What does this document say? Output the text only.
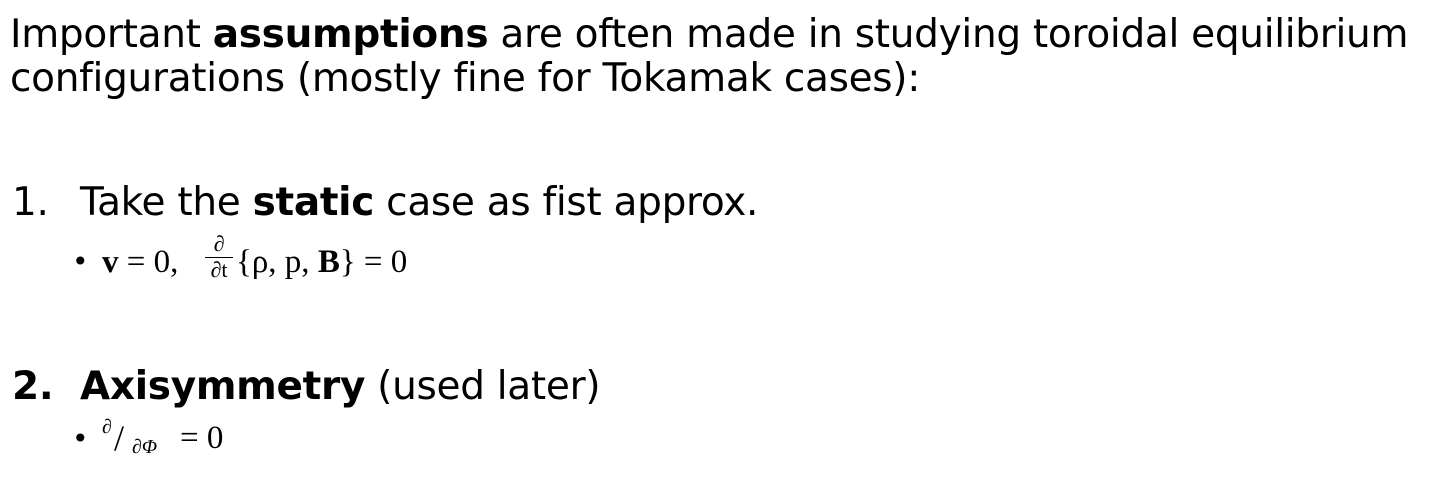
Important assumptions are often made in studying toroidal equilibrium configurations (mostly fine for Tokamak cases):
1. Take the static case as fist approx.
• v = 0,
∂
∂t {ρ, p, B} = 0
2. Axisymmetry (used later)
• ∂ / ∂Φ = 0
